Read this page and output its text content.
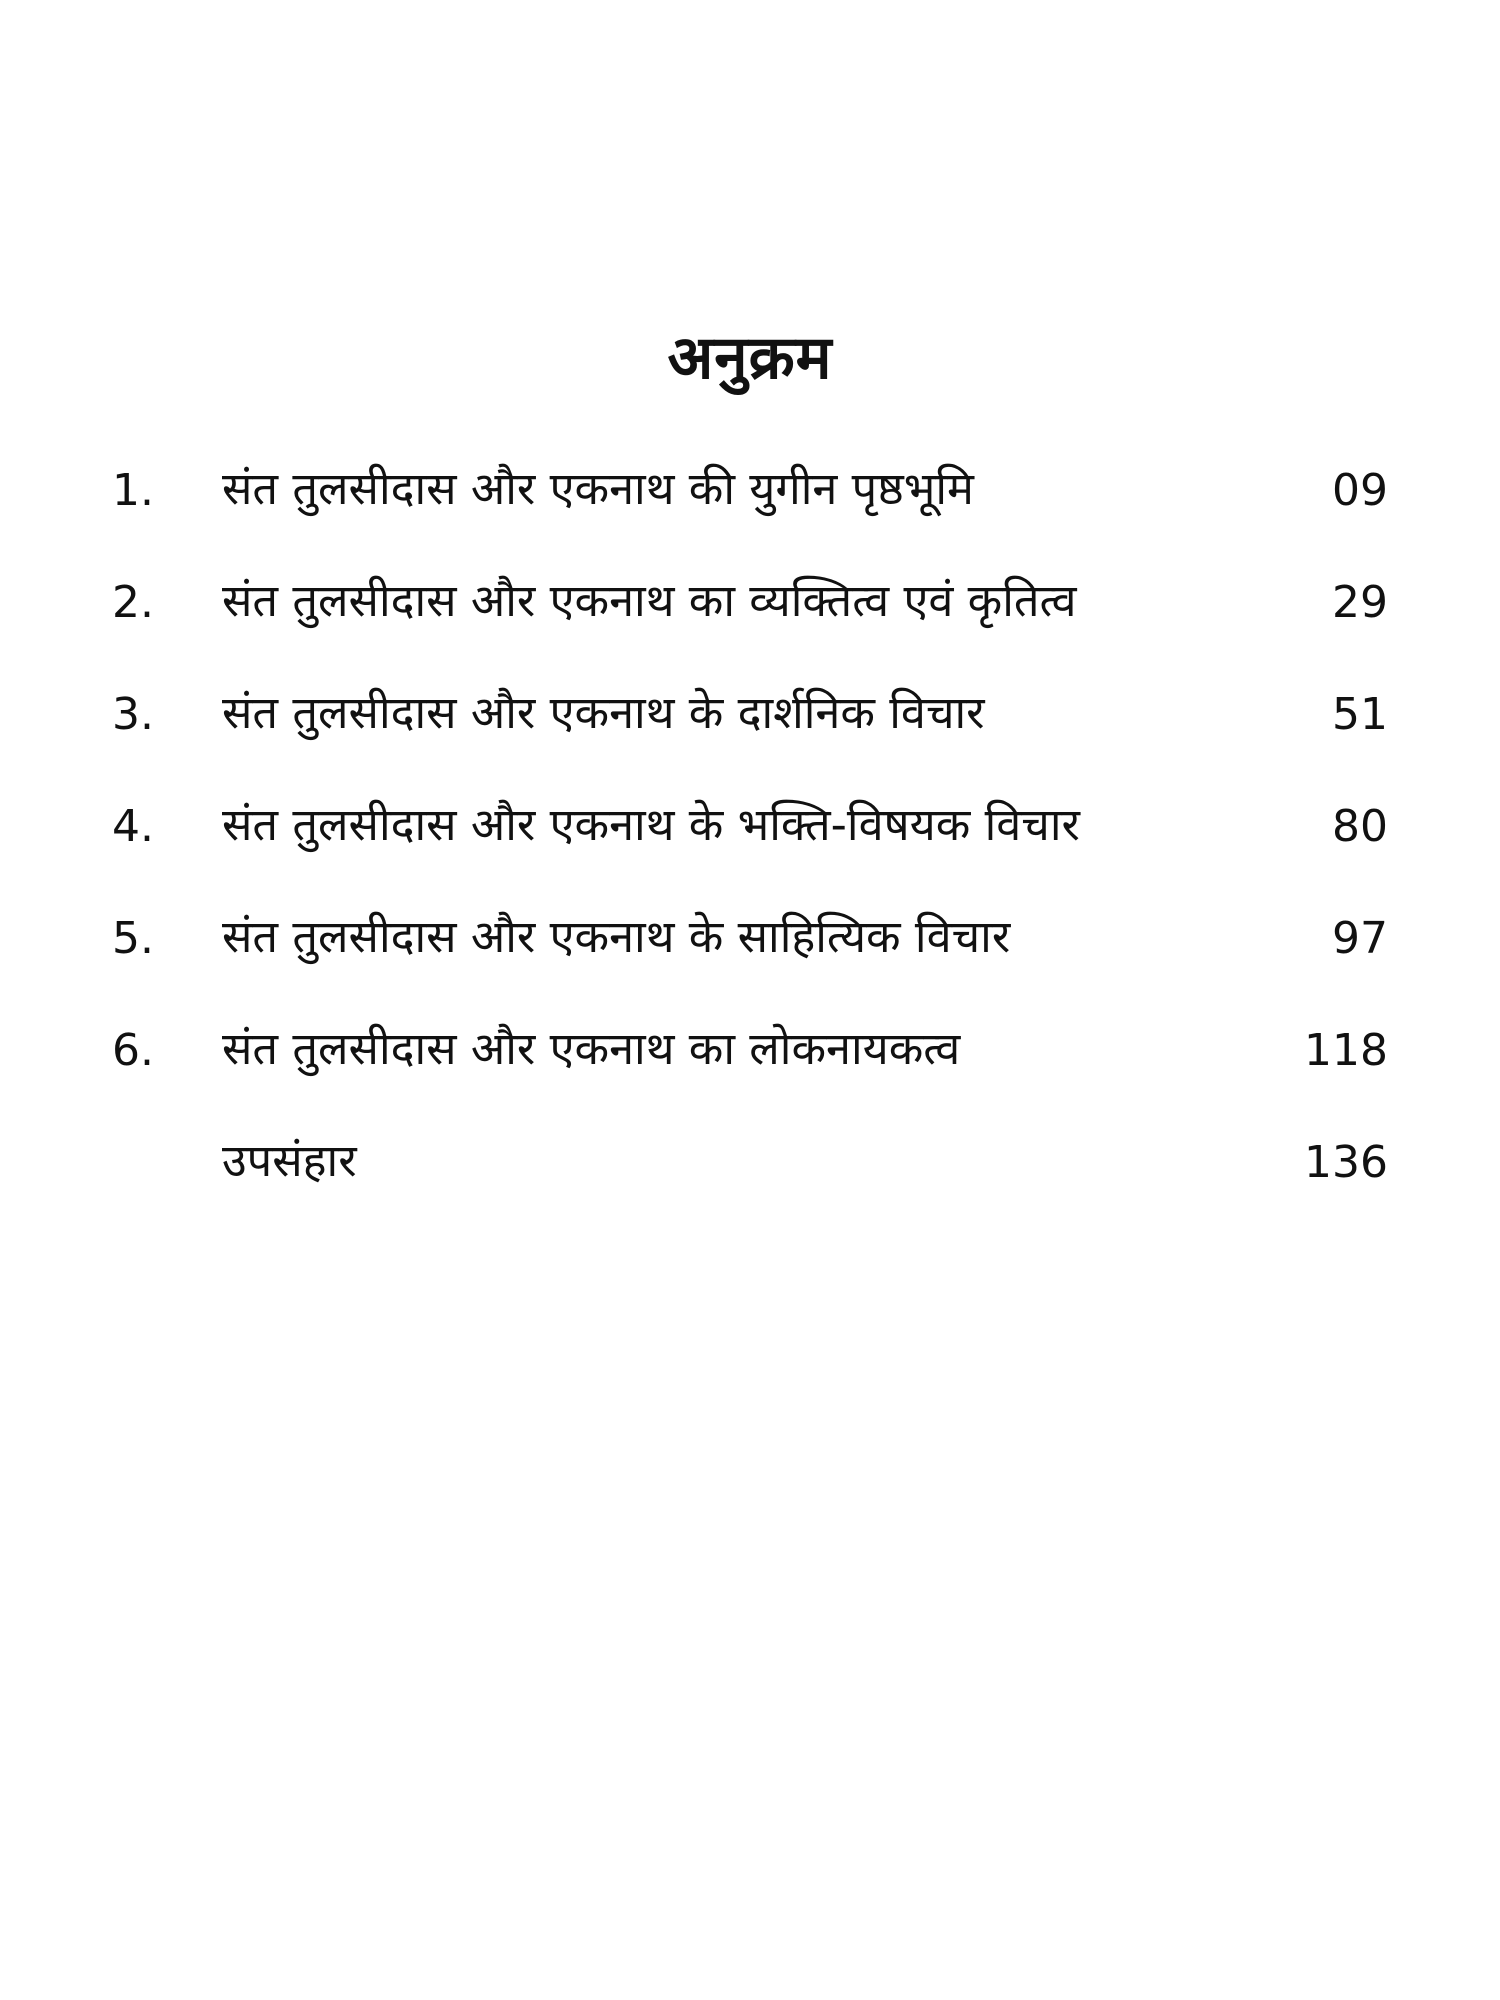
अनुक्रम
1. संत तुलसीदास और एकनाथ की युगीन पृष्ठभूमि	09
2. संत तुलसीदास और एकनाथ का व्यक्तित्व एवं कृतित्व	29
3. संत तुलसीदास और एकनाथ के दार्शनिक विचार	51
4. संत तुलसीदास और एकनाथ के भक्ति-विषयक विचार	80
5. संत तुलसीदास और एकनाथ के साहित्यिक विचार	97
6. संत तुलसीदास और एकनाथ का लोकनायकत्व	118
उपसंहार	136
